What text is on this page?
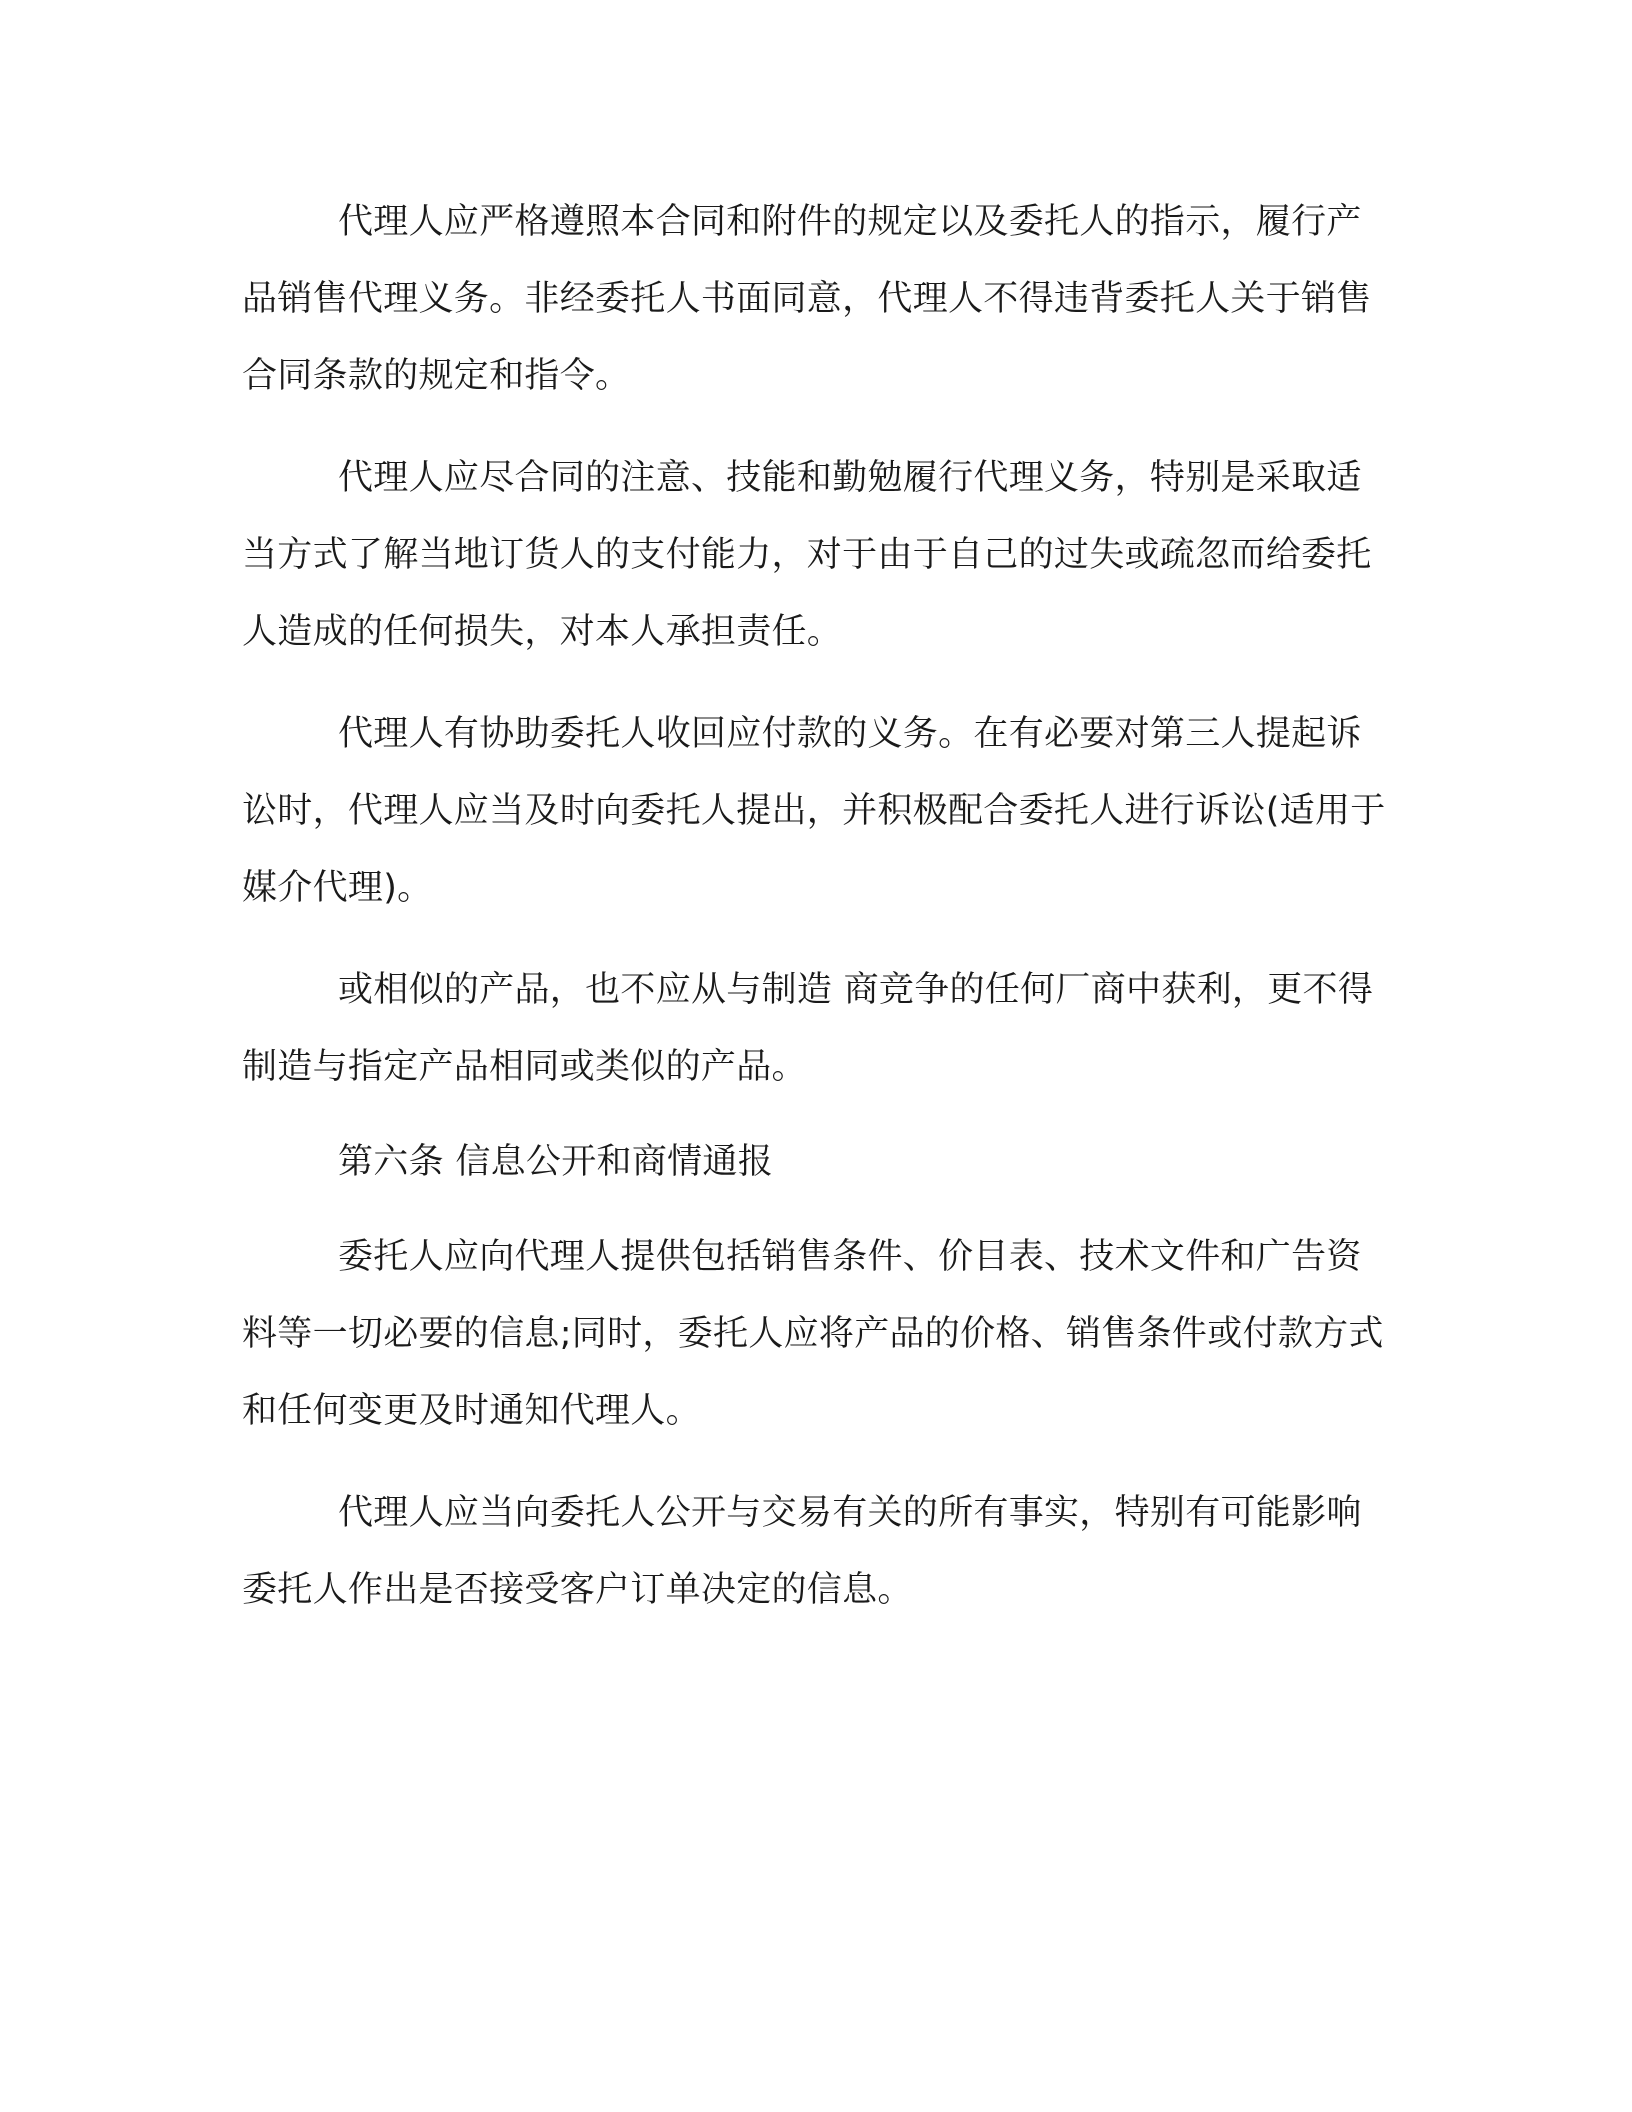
代理人应严格遵照本合同和附件的规定以及委托人的指示，履行产品销售代理义务。非经委托人书面同意，代理人不得违背委托人关于销售合同条款的规定和指令。

代理人应尽合同的注意、技能和勤勉履行代理义务，特别是采取适当方式了解当地订货人的支付能力，对于由于自己的过失或疏忽而给委托人造成的任何损失，对本人承担责任。

代理人有协助委托人收回应付款的义务。在有必要对第三人提起诉讼时，代理人应当及时向委托人提出，并积极配合委托人进行诉讼(适用于媒介代理)。

或相似的产品，也不应从与制造 商竞争的任何厂商中获利，更不得制造与指定产品相同或类似的产品。

第六条 信息公开和商情通报

委托人应向代理人提供包括销售条件、价目表、技术文件和广告资料等一切必要的信息;同时，委托人应将产品的价格、销售条件或付款方式和任何变更及时通知代理人。

代理人应当向委托人公开与交易有关的所有事实，特别有可能影响委托人作出是否接受客户订单决定的信息。
